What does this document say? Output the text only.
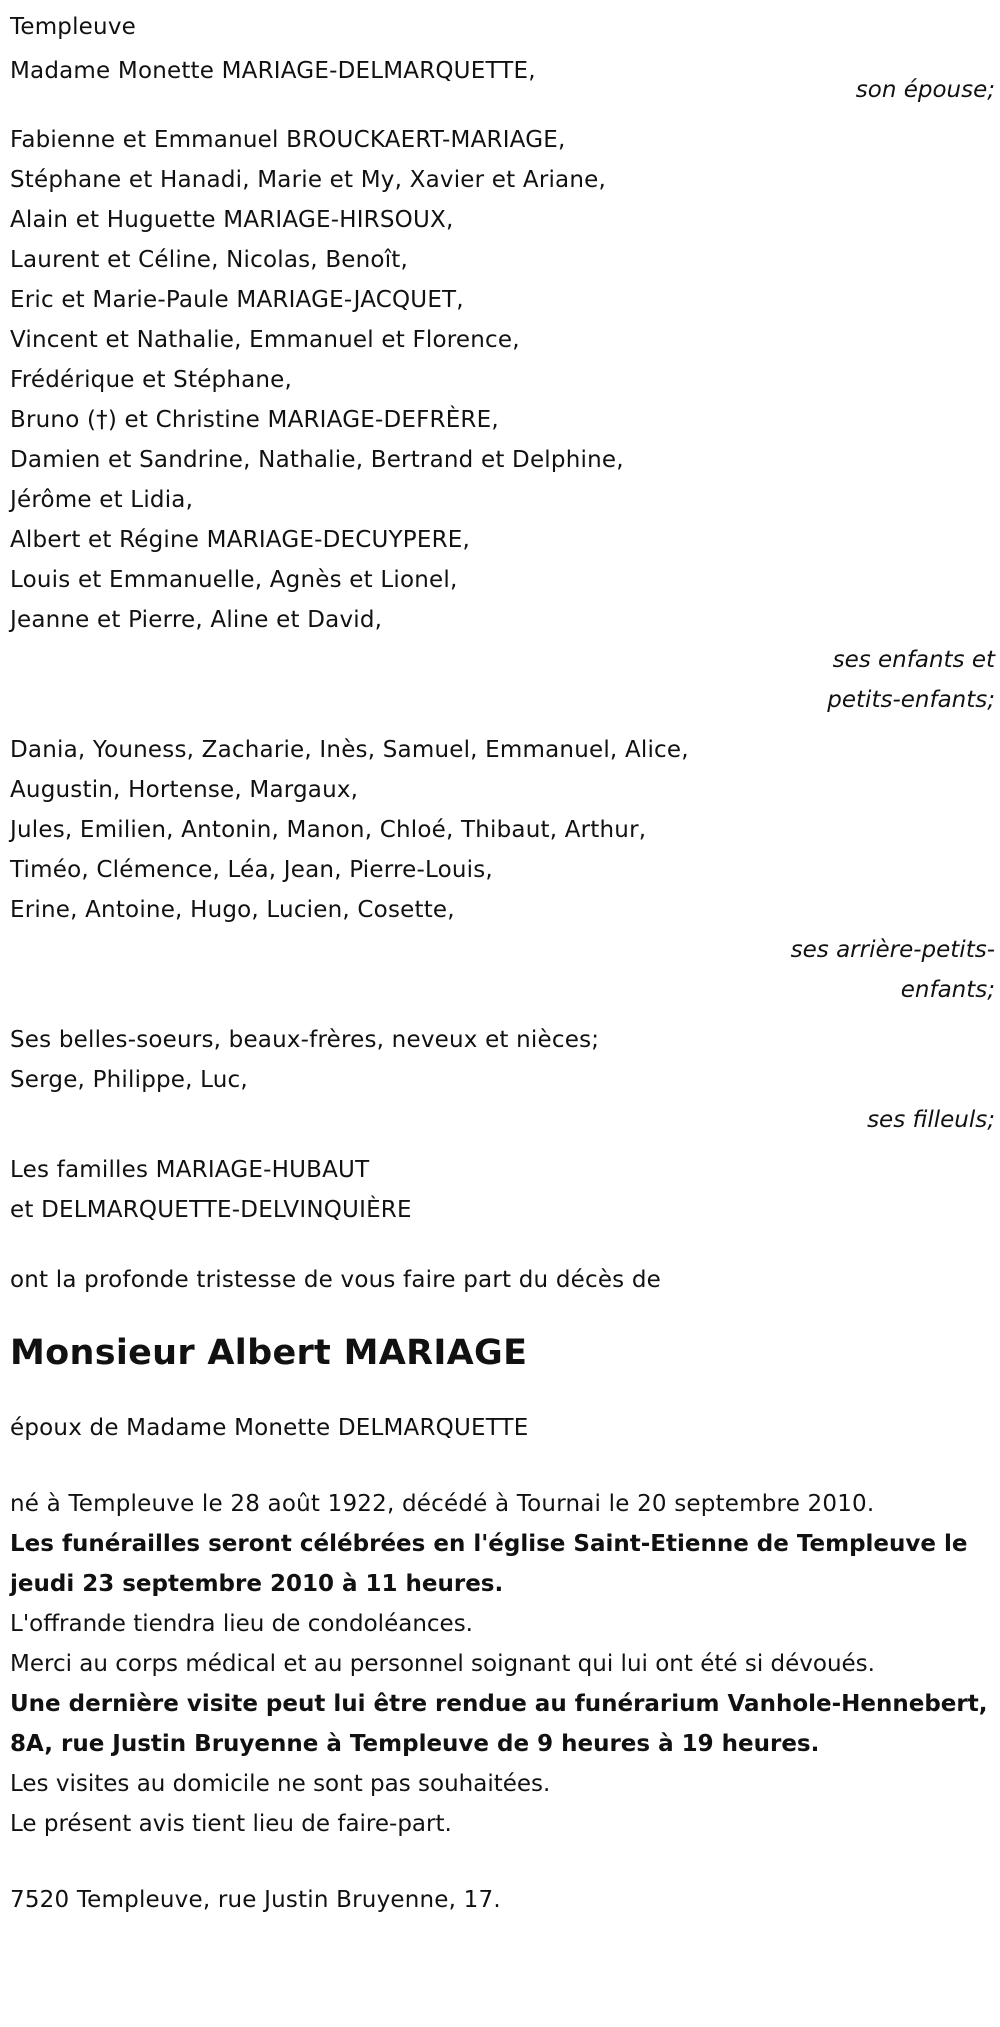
Templeuve
Madame Monette MARIAGE-DELMARQUETTE,
son épouse;
Fabienne et Emmanuel BROUCKAERT-MARIAGE,
Stéphane et Hanadi, Marie et My, Xavier et Ariane,
Alain et Huguette MARIAGE-HIRSOUX,
Laurent et Céline, Nicolas, Benoît,
Eric et Marie-Paule MARIAGE-JACQUET,
Vincent et Nathalie, Emmanuel et Florence,
Frédérique et Stéphane,
Bruno (†) et Christine MARIAGE-DEFRÈRE,
Damien et Sandrine, Nathalie, Bertrand et Delphine,
Jérôme et Lidia,
Albert et Régine MARIAGE-DECUYPERE,
Louis et Emmanuelle, Agnès et Lionel,
Jeanne et Pierre, Aline et David,
ses enfants et
petits-enfants;
Dania, Youness, Zacharie, Inès, Samuel, Emmanuel, Alice,
Augustin, Hortense, Margaux,
Jules, Emilien, Antonin, Manon, Chloé, Thibaut, Arthur,
Timéo, Clémence, Léa, Jean, Pierre-Louis,
Erine, Antoine, Hugo, Lucien, Cosette,
ses arrière-petits-
enfants;
Ses belles-soeurs, beaux-frères, neveux et nièces;
Serge, Philippe, Luc,
ses filleuls;
Les familles MARIAGE-HUBAUT
et DELMARQUETTE-DELVINQUIÈRE
ont la profonde tristesse de vous faire part du décès de
Monsieur Albert MARIAGE
époux de Madame Monette DELMARQUETTE
né à Templeuve le 28 août 1922, décédé à Tournai le 20 septembre 2010.
Les funérailles seront célébrées en l'église Saint-Etienne de Templeuve le jeudi 23 septembre 2010 à 11 heures.
L'offrande tiendra lieu de condoléances.
Merci au corps médical et au personnel soignant qui lui ont été si dévoués.
Une dernière visite peut lui être rendue au funérarium Vanhole-Hennebert, 8A, rue Justin Bruyenne à Templeuve de 9 heures à 19 heures.
Les visites au domicile ne sont pas souhaitées.
Le présent avis tient lieu de faire-part.
7520 Templeuve, rue Justin Bruyenne, 17.
